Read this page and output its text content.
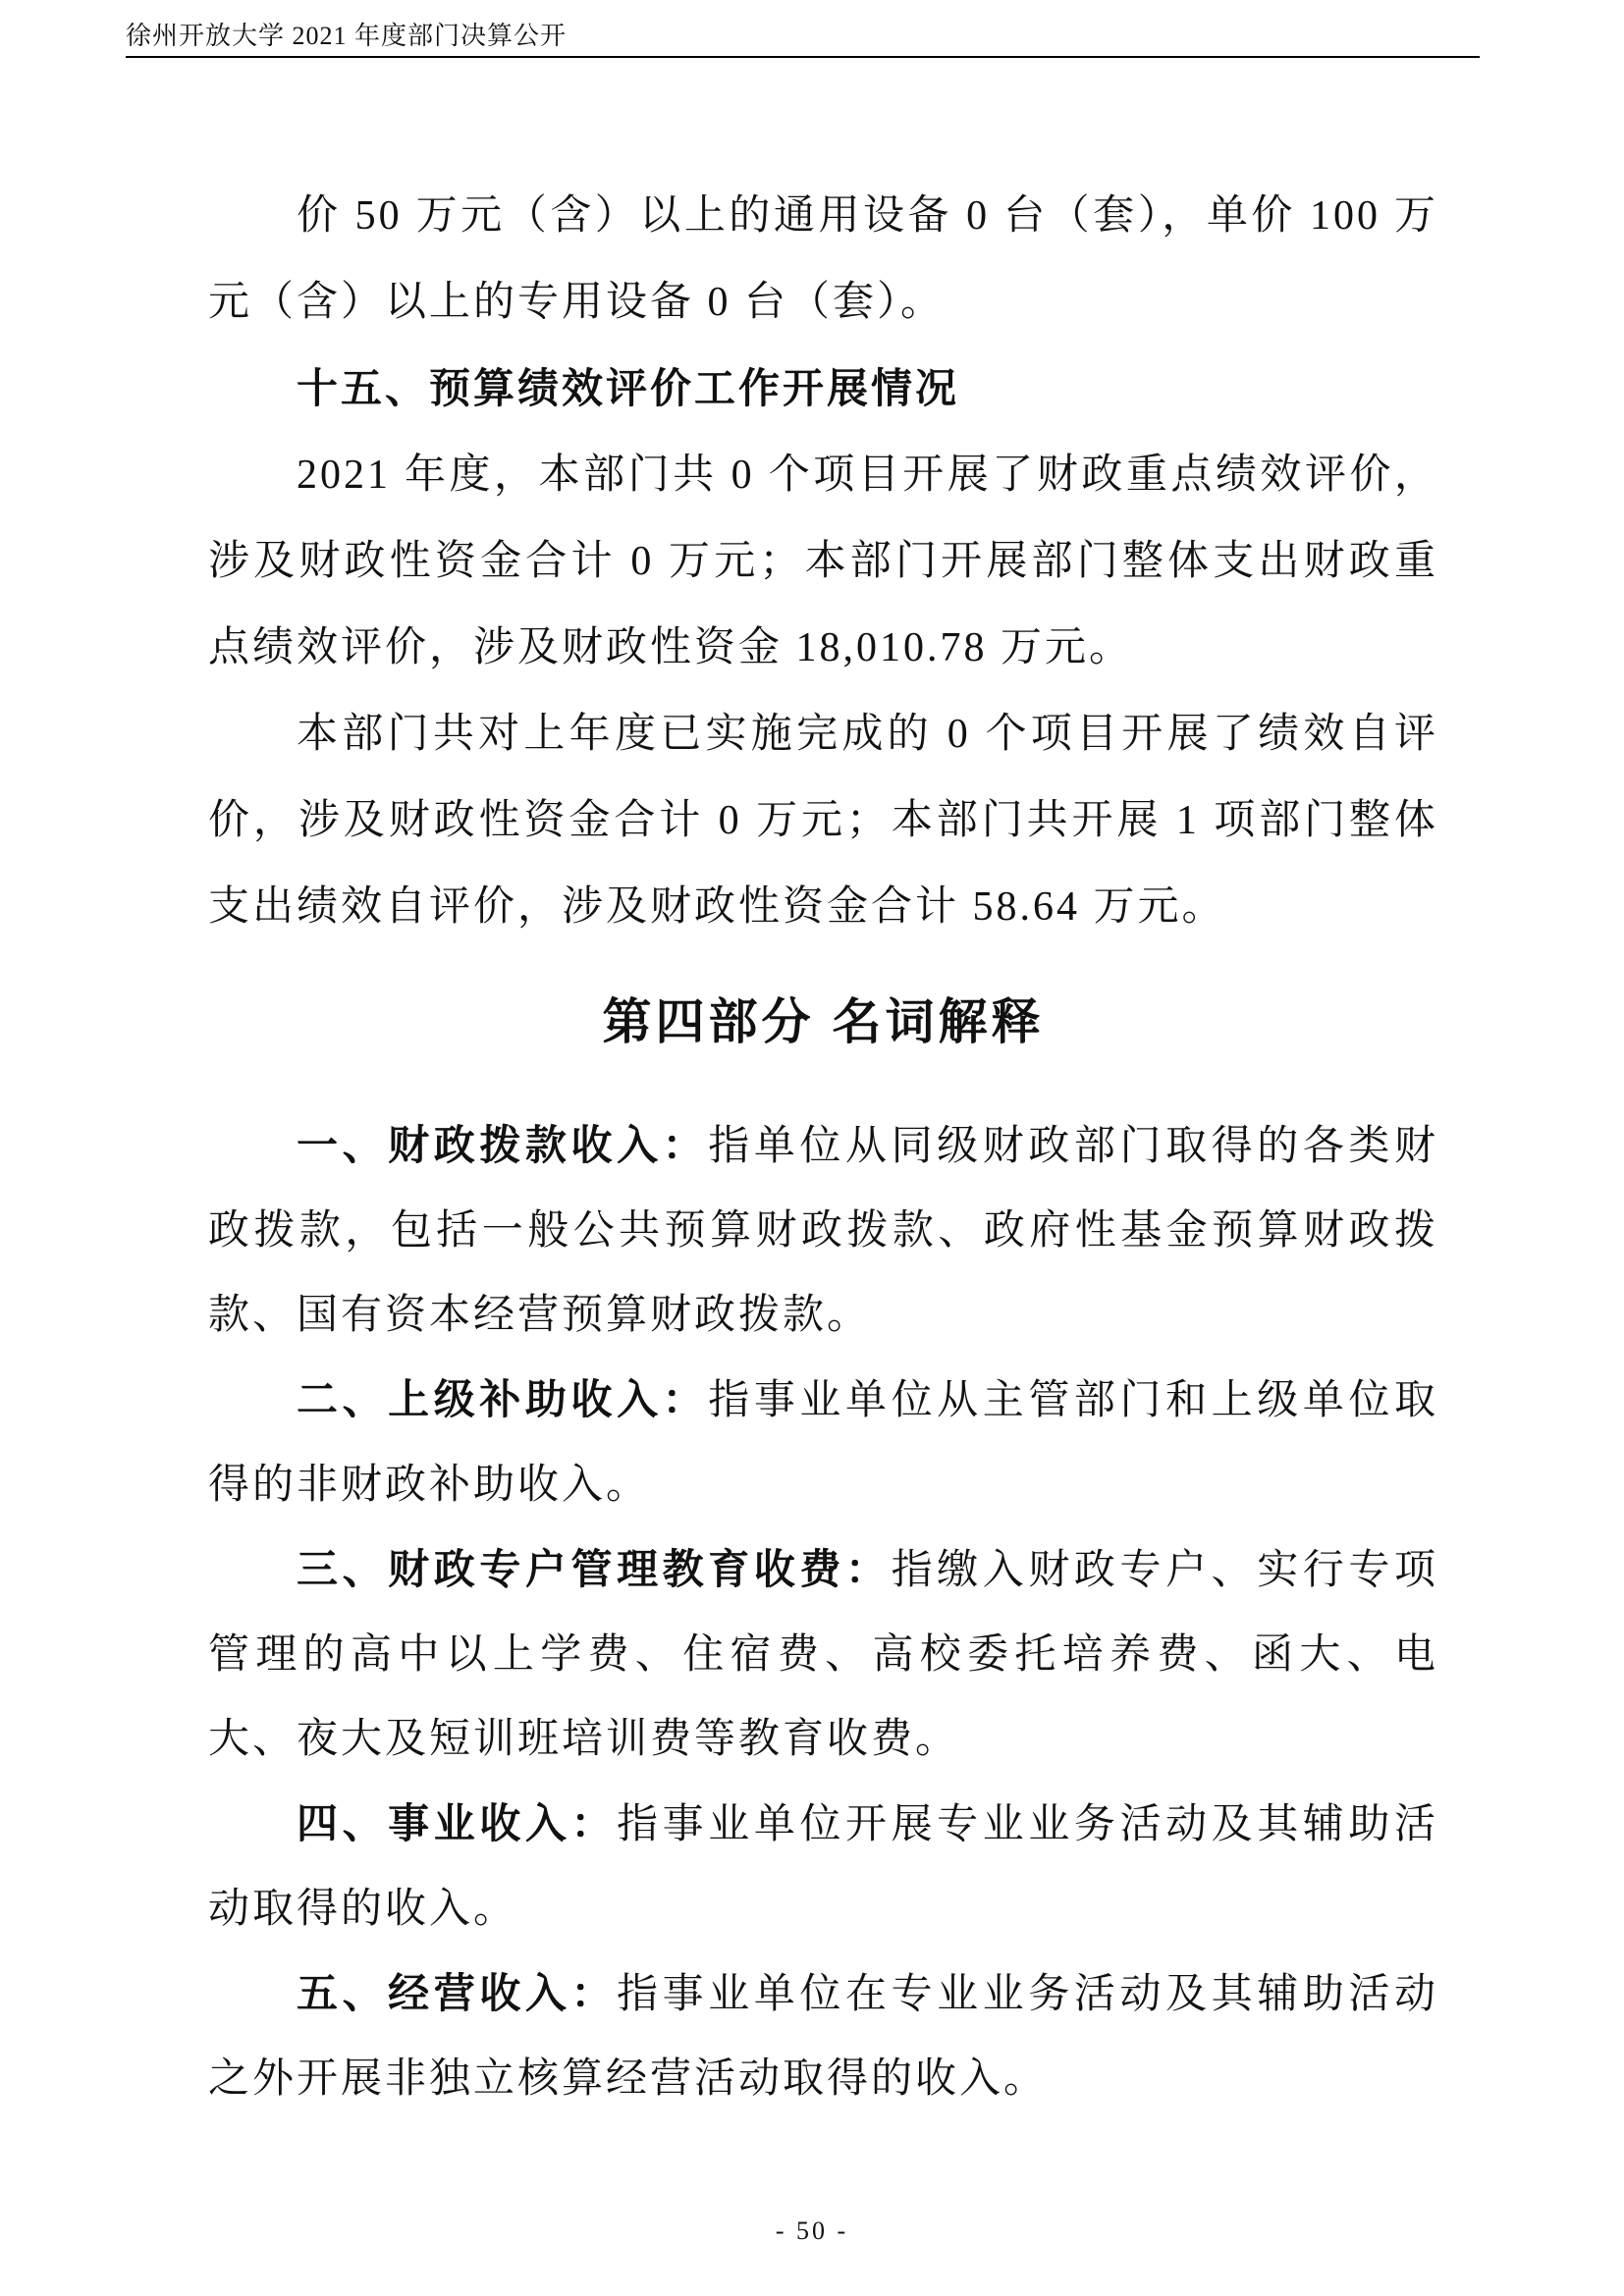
徐州开放大学 2021 年度部门决算公开

价 50 万元（含）以上的通用设备 0 台（套），单价 100 万元（含）以上的专用设备 0 台（套）。

十五、预算绩效评价工作开展情况

2021 年度，本部门共 0 个项目开展了财政重点绩效评价，涉及财政性资金合计 0 万元；本部门开展部门整体支出财政重点绩效评价，涉及财政性资金 18,010.78 万元。

本部门共对上年度已实施完成的 0 个项目开展了绩效自评价，涉及财政性资金合计 0 万元；本部门共开展 1 项部门整体支出绩效自评价，涉及财政性资金合计 58.64 万元。

第四部分 名词解释

一、财政拨款收入：指单位从同级财政部门取得的各类财政拨款，包括一般公共预算财政拨款、政府性基金预算财政拨款、国有资本经营预算财政拨款。

二、上级补助收入：指事业单位从主管部门和上级单位取得的非财政补助收入。

三、财政专户管理教育收费：指缴入财政专户、实行专项管理的高中以上学费、住宿费、高校委托培养费、函大、电大、夜大及短训班培训费等教育收费。

四、事业收入：指事业单位开展专业业务活动及其辅助活动取得的收入。

五、经营收入：指事业单位在专业业务活动及其辅助活动之外开展非独立核算经营活动取得的收入。

- 50 -
